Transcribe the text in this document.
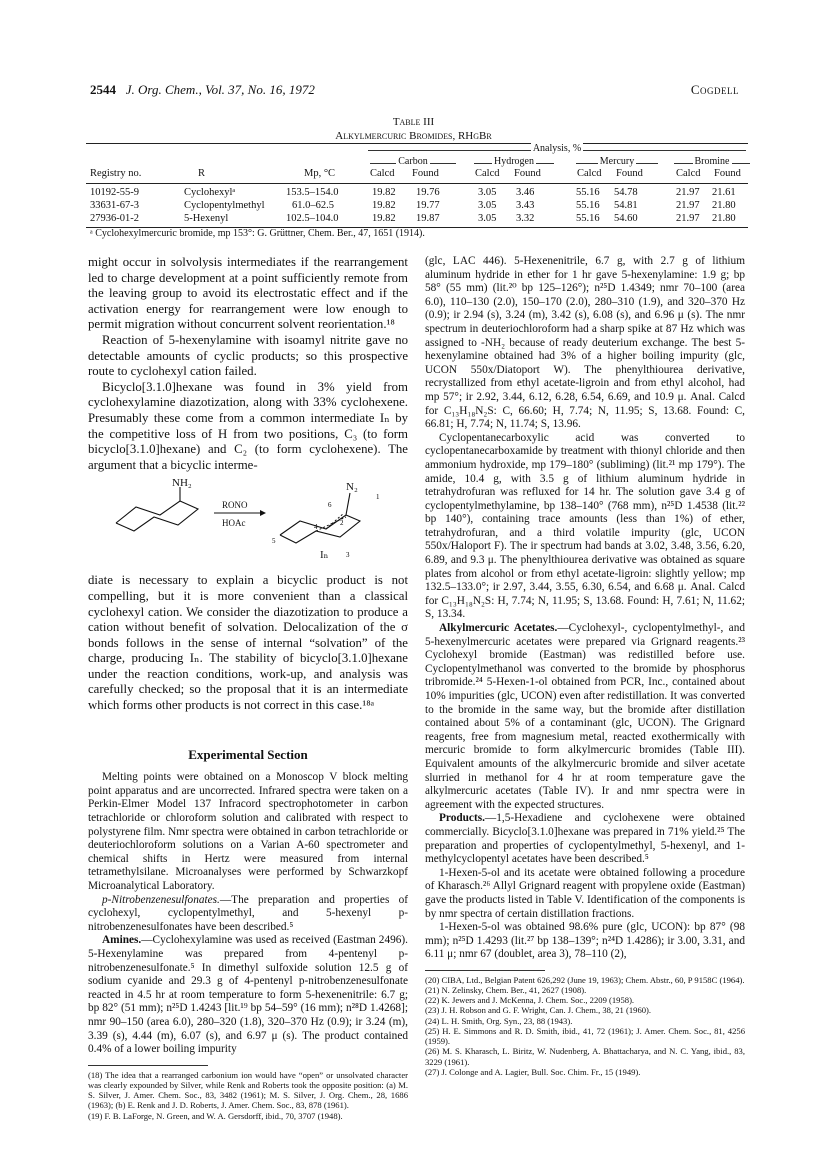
2544 J. Org. Chem., Vol. 37, No. 16, 1972	Cogdell
Table III
Alkylmercuric Bromides, RHgBr
Analysis, %
Carbon	Hydrogen	Mercury	Bromine
Registry no.	R	Mp, °C	Calcd Found	Calcd Found	Calcd Found	Calcd Found
10192-55-9	Cyclohexylᵃ	153.5–154.0	19.82 19.76	3.05 3.46	55.16 54.78	21.97 21.61
33631-67-3	Cyclopentylmethyl	61.0–62.5	19.82 19.77	3.05 3.43	55.16 54.81	21.97 21.80
27936-01-2	5-Hexenyl	102.5–104.0	19.82 19.87	3.05 3.32	55.16 54.60	21.97 21.80
ᵃ Cyclohexylmercuric bromide, mp 153°: G. Grüttner, Chem. Ber., 47, 1651 (1914).

might occur in solvolysis intermediates if the rearrangement led to charge development at a point sufficiently remote from the leaving group to avoid its electrostatic effect and if the activation energy for rearrangement were low enough to permit migration without concurrent solvent reorientation.¹⁸

Reaction of 5-hexenylamine with isoamyl nitrite gave no detectable amounts of cyclic products; so this prospective route to cyclohexyl cation failed.

Bicyclo[3.1.0]hexane was found in 3% yield from cyclohexylamine diazotization, along with 33% cyclohexene. Presumably these come from a common intermediate Iₙ by the competitive loss of H from two positions, C₃ (to form bicyclo[3.1.0]hexane) and C₂ (to form cyclohexene). The argument that a bicyclic interme-

6
1
5
4	2
3
NH₂	N₂
RONO
HOAc
Iₙ

diate is necessary to explain a bicyclic product is not compelling, but it is more convenient than a classical cyclohexyl cation. We consider the diazotization to produce a cation without benefit of solvation. Delocalization of the σ bonds follows in the sense of internal “solvation” of the charge, producing Iₙ. The stability of bicyclo[3.1.0]hexane under the reaction conditions, work-up, and analysis was carefully checked; so the proposal that it is an intermediate which forms other products is not correct in this case.¹⁸ᵃ

Experimental Section

Melting points were obtained on a Monoscop V block melting point apparatus and are uncorrected. Infrared spectra were taken on a Perkin-Elmer Model 137 Infracord spectrophotometer in carbon tetrachloride or chloroform solution and calibrated with respect to polystyrene film. Nmr spectra were obtained in carbon tetrachloride or deuteriochloroform solutions on a Varian A-60 spectrometer and chemical shifts in Hertz were measured from internal tetramethylsilane. Microanalyses were performed by Schwarzkopf Microanalytical Laboratory.

p-Nitrobenzenesulfonates.—The preparation and properties of cyclohexyl, cyclopentylmethyl, and 5-hexenyl p-nitrobenzenesulfonates have been described.⁵

Amines.—Cyclohexylamine was used as received (Eastman 2496). 5-Hexenylamine was prepared from 4-pentenyl p-nitrobenzenesulfonate.⁵ In dimethyl sulfoxide solution 12.5 g of sodium cyanide and 29.3 g of 4-pentenyl p-nitrobenzenesulfonate reacted in 4.5 hr at room temperature to form 5-hexenenitrile: 6.7 g; bp 82° (51 mm); n²⁵D 1.4243 [lit.¹⁹ bp 54–59° (16 mm); n²⁸D 1.4268]; nmr 90–150 (area 6.0), 280–320 (1.8), 320–370 Hz (0.9); ir 3.24 (m), 3.39 (s), 4.44 (m), 6.07 (s), and 6.97 μ (s). The product contained 0.4% of a lower boiling impurity

(18) The idea that a rearranged carbonium ion would have “open” or unsolvated character was clearly expounded by Silver, while Renk and Roberts took the opposite position: (a) M. S. Silver, J. Amer. Chem. Soc., 83, 3482 (1961); M. S. Silver, J. Org. Chem., 28, 1686 (1963); (b) E. Renk and J. D. Roberts, J. Amer. Chem. Soc., 83, 878 (1961).
(19) F. B. LaForge, N. Green, and W. A. Gersdorff, ibid., 70, 3707 (1948).

(glc, LAC 446). 5-Hexenenitrile, 6.7 g, with 2.7 g of lithium aluminum hydride in ether for 1 hr gave 5-hexenylamine: 1.9 g; bp 58° (55 mm) (lit.²⁰ bp 125–126°); n²⁵D 1.4349; nmr 70–100 (area 6.0), 110–130 (2.0), 150–170 (2.0), 280–310 (1.9), and 320–370 Hz (0.9); ir 2.94 (s), 3.24 (m), 3.42 (s), 6.08 (s), and 6.96 μ (s). The nmr spectrum in deuteriochloroform had a sharp spike at 87 Hz which was assigned to -NH₂ because of ready deuterium exchange. The best 5-hexenylamine obtained had 3% of a higher boiling impurity (glc, UCON 550x/Diatoport W). The phenylthiourea derivative, recrystallized from ethyl acetate-ligroin and from ethyl alcohol, had mp 57°; ir 2.92, 3.44, 6.12, 6.28, 6.54, 6.69, and 10.9 μ. Anal. Calcd for C₁₃H₁₈N₂S: C, 66.60; H, 7.74; N, 11.95; S, 13.68. Found: C, 66.81; H, 7.74; N, 11.74; S, 13.96.

Cyclopentanecarboxylic acid was converted to cyclopentanecarboxamide by treatment with thionyl chloride and then ammonium hydroxide, mp 179–180° (subliming) (lit.²¹ mp 179°). The amide, 10.4 g, with 3.5 g of lithium aluminum hydride in tetrahydrofuran was refluxed for 14 hr. The solution gave 3.4 g of cyclopentylmethylamine, bp 138–140° (768 mm), n²⁵D 1.4538 (lit.²² bp 140°), containing trace amounts (less than 1%) of ether, tetrahydrofuran, and a third volatile impurity (glc, UCON 550x/Haloport F). The ir spectrum had bands at 3.02, 3.48, 3.56, 6.20, 6.89, and 9.3 μ. The phenylthiourea derivative was obtained as square plates from alcohol or from ethyl acetate-ligroin: slightly yellow; mp 132.5–133.0°; ir 2.97, 3.44, 3.55, 6.30, 6.54, and 6.68 μ. Anal. Calcd for C₁₃H₁₈N₂S: H, 7.74; N, 11.95; S, 13.68. Found: H, 7.61; N, 11.62; S, 13.34.

Alkylmercuric Acetates.—Cyclohexyl-, cyclopentylmethyl-, and 5-hexenylmercuric acetates were prepared via Grignard reagents.²³ Cyclohexyl bromide (Eastman) was redistilled before use. Cyclopentylmethanol was converted to the bromide by phosphorus tribromide.²⁴ 5-Hexen-1-ol obtained from PCR, Inc., contained about 10% impurities (glc, UCON) even after redistillation. It was converted to the bromide in the same way, but the bromide after distillation contained about 5% of a contaminant (glc, UCON). The Grignard reagents, free from magnesium metal, reacted exothermically with mercuric bromide to form alkylmercuric bromides (Table III). Equivalent amounts of the alkylmercuric bromide and silver acetate slurried in methanol for 4 hr at room temperature gave the alkylmercuric acetates (Table IV). Ir and nmr spectra were in agreement with the expected structures.

Products.—1,5-Hexadiene and cyclohexene were obtained commercially. Bicyclo[3.1.0]hexane was prepared in 71% yield.²⁵ The preparation and properties of cyclopentylmethyl, 5-hexenyl, and 1-methylcyclopentyl acetates have been described.⁵

1-Hexen-5-ol and its acetate were obtained following a procedure of Kharasch.²⁶ Allyl Grignard reagent with propylene oxide (Eastman) gave the products listed in Table V. Identification of the components is by nmr spectra of certain distillation fractions.

1-Hexen-5-ol was obtained 98.6% pure (glc, UCON): bp 87° (98 mm); n²⁵D 1.4293 (lit.²⁷ bp 138–139°; n²⁴D 1.4286); ir 3.00, 3.31, and 6.11 μ; nmr 67 (doublet, area 3), 78–110 (2),

(20) CIBA, Ltd., Belgian Patent 626,292 (June 19, 1963); Chem. Abstr., 60, P 9158C (1964).
(21) N. Zelinsky, Chem. Ber., 41, 2627 (1908).
(22) K. Jewers and J. McKenna, J. Chem. Soc., 2209 (1958).
(23) J. H. Robson and G. F. Wright, Can. J. Chem., 38, 21 (1960).
(24) L. H. Smith, Org. Syn., 23, 88 (1943).
(25) H. E. Simmons and R. D. Smith, ibid., 41, 72 (1961); J. Amer. Chem. Soc., 81, 4256 (1959).
(26) M. S. Kharasch, L. Biritz, W. Nudenberg, A. Bhattacharya, and N. C. Yang, ibid., 83, 3229 (1961).
(27) J. Colonge and A. Lagier, Bull. Soc. Chim. Fr., 15 (1949).
